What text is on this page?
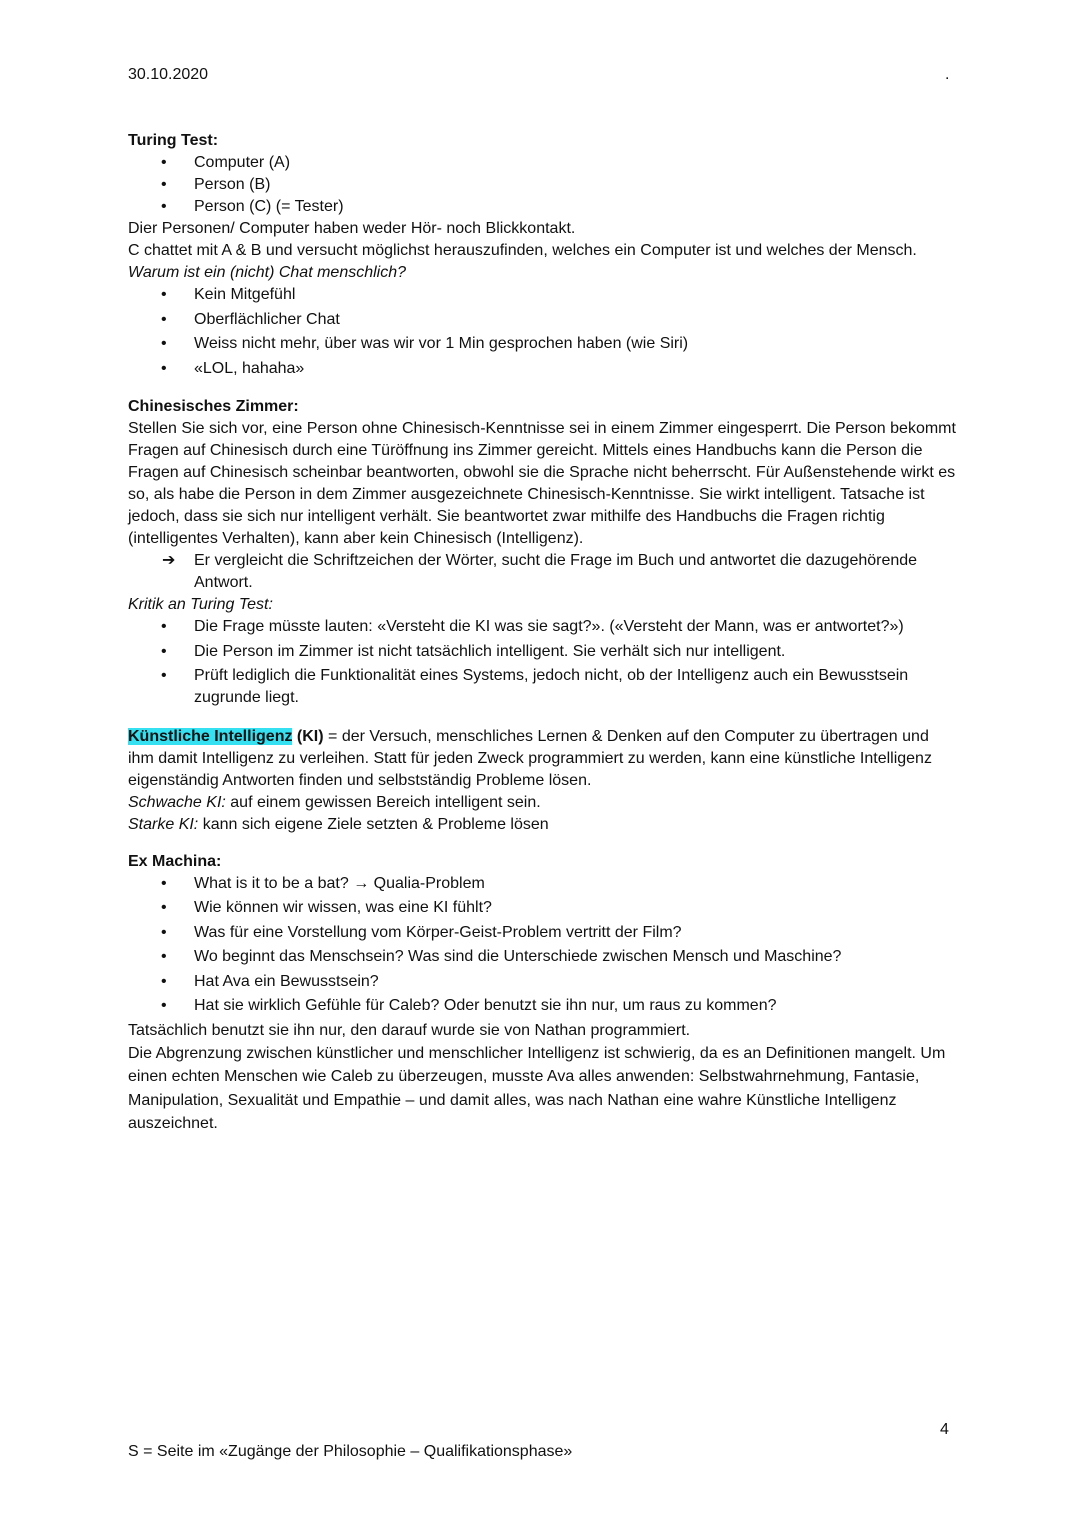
30.10.2020	.

Turing Test:

• Computer (A)
• Person (B)
• Person (C) (= Tester)

Dier Personen/ Computer haben weder Hör- noch Blickkontakt.

C chattet mit A & B und versucht möglichst herauszufinden, welches ein Computer ist und welches der Mensch.

Warum ist ein (nicht) Chat menschlich?

• Kein Mitgefühl
• Oberflächlicher Chat
• Weiss nicht mehr, über was wir vor 1 Min gesprochen haben (wie Siri)
• «LOL, hahaha»

Chinesisches Zimmer:

Stellen Sie sich vor, eine Person ohne Chinesisch-Kenntnisse sei in einem Zimmer eingesperrt. Die Person bekommt Fragen auf Chinesisch durch eine Türöffnung ins Zimmer gereicht. Mittels eines Handbuchs kann die Person die Fragen auf Chinesisch scheinbar beantworten, obwohl sie die Sprache nicht beherrscht. Für Außenstehende wirkt es so, als habe die Person in dem Zimmer ausgezeichnete Chinesisch-Kenntnisse. Sie wirkt intelligent. Tatsache ist jedoch, dass sie sich nur intelligent verhält. Sie beantwortet zwar mithilfe des Handbuchs die Fragen richtig (intelligentes Verhalten), kann aber kein Chinesisch (Intelligenz).

➔ Er vergleicht die Schriftzeichen der Wörter, sucht die Frage im Buch und antwortet die dazugehörende Antwort.

Kritik an Turing Test:

• Die Frage müsste lauten: «Versteht die KI was sie sagt?». («Versteht der Mann, was er antwortet?»)
• Die Person im Zimmer ist nicht tatsächlich intelligent. Sie verhält sich nur intelligent.
• Prüft lediglich die Funktionalität eines Systems, jedoch nicht, ob der Intelligenz auch ein Bewusstsein zugrunde liegt.

Künstliche Intelligenz (KI) = der Versuch, menschliches Lernen & Denken auf den Computer zu übertragen und ihm damit Intelligenz zu verleihen. Statt für jeden Zweck programmiert zu werden, kann eine künstliche Intelligenz eigenständig Antworten finden und selbstständig Probleme lösen.

Schwache KI: auf einem gewissen Bereich intelligent sein.

Starke KI: kann sich eigene Ziele setzten & Probleme lösen

Ex Machina:

• What is it to be a bat? → Qualia-Problem
• Wie können wir wissen, was eine KI fühlt?
• Was für eine Vorstellung vom Körper-Geist-Problem vertritt der Film?
• Wo beginnt das Menschsein? Was sind die Unterschiede zwischen Mensch und Maschine?
• Hat Ava ein Bewusstsein?
• Hat sie wirklich Gefühle für Caleb? Oder benutzt sie ihn nur, um raus zu kommen?

Tatsächlich benutzt sie ihn nur, den darauf wurde sie von Nathan programmiert.

Die Abgrenzung zwischen künstlicher und menschlicher Intelligenz ist schwierig, da es an Definitionen mangelt. Um einen echten Menschen wie Caleb zu überzeugen, musste Ava alles anwenden: Selbstwahrnehmung, Fantasie, Manipulation, Sexualität und Empathie – und damit alles, was nach Nathan eine wahre Künstliche Intelligenz auszeichnet.

4
S = Seite im «Zugänge der Philosophie – Qualifikationsphase»
